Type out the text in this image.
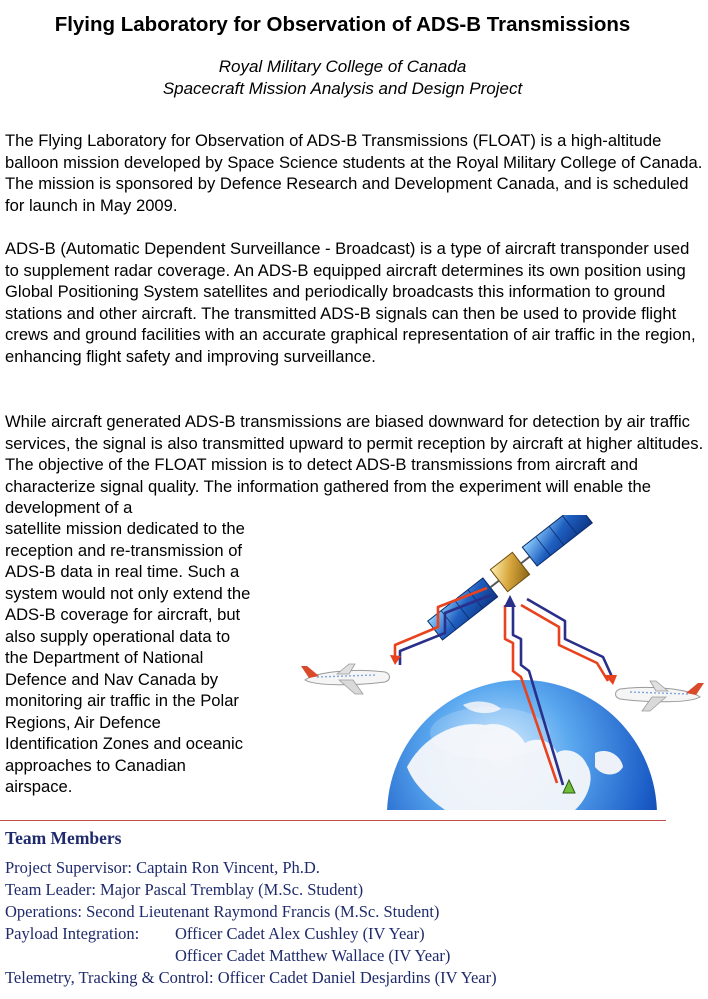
Flying Laboratory for Observation of ADS-B Transmissions

Royal Military College of Canada

Spacecraft Mission Analysis and Design Project

The Flying Laboratory for Observation of ADS-B Transmissions (FLOAT) is a high-altitude balloon mission developed by Space Science students at the Royal Military College of Canada. The mission is sponsored by Defence Research and Development Canada, and is scheduled for launch in May 2009.

ADS-B (Automatic Dependent Surveillance - Broadcast) is a type of aircraft transponder used to supplement radar coverage. An ADS-B equipped aircraft determines its own position using Global Positioning System satellites and periodically broadcasts this information to ground stations and other aircraft. The transmitted ADS-B signals can then be used to provide flight crews and ground facilities with an accurate graphical representation of air traffic in the region, enhancing flight safety and improving surveillance.

While aircraft generated ADS-B transmissions are biased downward for detection by air traffic services, the signal is also transmitted upward to permit reception by aircraft at higher altitudes. The objective of the FLOAT mission is to detect ADS-B transmissions from aircraft and characterize signal quality. The information gathered from the experiment will enable the development of a

satellite mission dedicated to the

reception and re-transmission of

ADS-B data in real time. Such a

system would not only extend the

ADS-B coverage for aircraft, but

also supply operational data to

the Department of National

Defence and Nav Canada by

monitoring air traffic in the Polar

Regions, Air Defence

Identification Zones and oceanic

approaches to Canadian

airspace.

Team Members

Project Supervisor: Captain Ron Vincent, Ph.D.

Team Leader: Major Pascal Tremblay (M.Sc. Student)

Operations: Second Lieutenant Raymond Francis (M.Sc. Student)

Payload Integration: Officer Cadet Alex Cushley (IV Year)

Officer Cadet Matthew Wallace (IV Year)

Telemetry, Tracking & Control: Officer Cadet Daniel Desjardins (IV Year)
